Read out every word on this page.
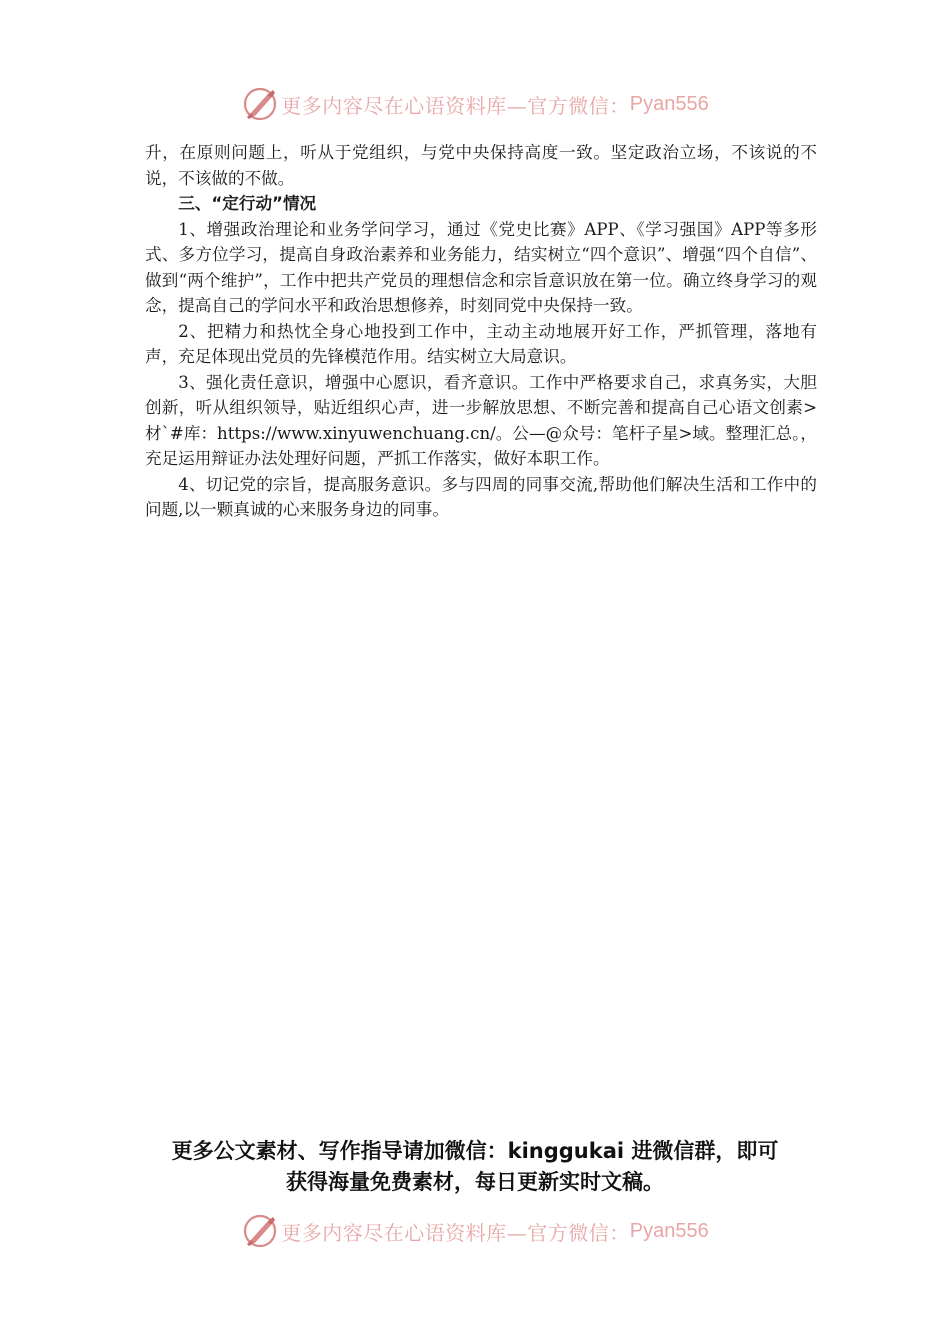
更多内容尽在心语资料库—官方微信： Pyan556

升，在原则问题上，听从于党组织，与党中央保持高度一致。坚定政治立场，不该说的不说，不该做的不做。

三、“定行动”情况

1、增强政治理论和业务学问学习，通过《党史比赛》APP、《学习强国》APP等多形式、多方位学习，提高自身政治素养和业务能力，结实树立“四个意识”、增强“四个自信”、做到“两个维护”，工作中把共产党员的理想信念和宗旨意识放在第一位。确立终身学习的观念，提高自己的学问水平和政治思想修养，时刻同党中央保持一致。

2、把精力和热忱全身心地投到工作中，主动主动地展开好工作，严抓管理，落地有声，充足体现出党员的先锋模范作用。结实树立大局意识。

3、强化责任意识，增强中心愿识，看齐意识。工作中严格要求自己，求真务实，大胆创新，听从组织领导，贴近组织心声，进一步解放思想、不断完善和提高自己心语文创素>材`#库：https://www.xinyuwenchuang.cn/。公—@众号：笔杆子星>域。整理汇总。，充足运用辩证办法处理好问题，严抓工作落实，做好本职工作。

4、切记党的宗旨，提高服务意识。多与四周的同事交流,帮助他们解决生活和工作中的问题,以一颗真诚的心来服务身边的同事。

更多公文素材、写作指导请加微信：kinggukai 进微信群，即可
获得海量免费素材，每日更新实时文稿。
更多内容尽在心语资料库—官方微信： Pyan556
